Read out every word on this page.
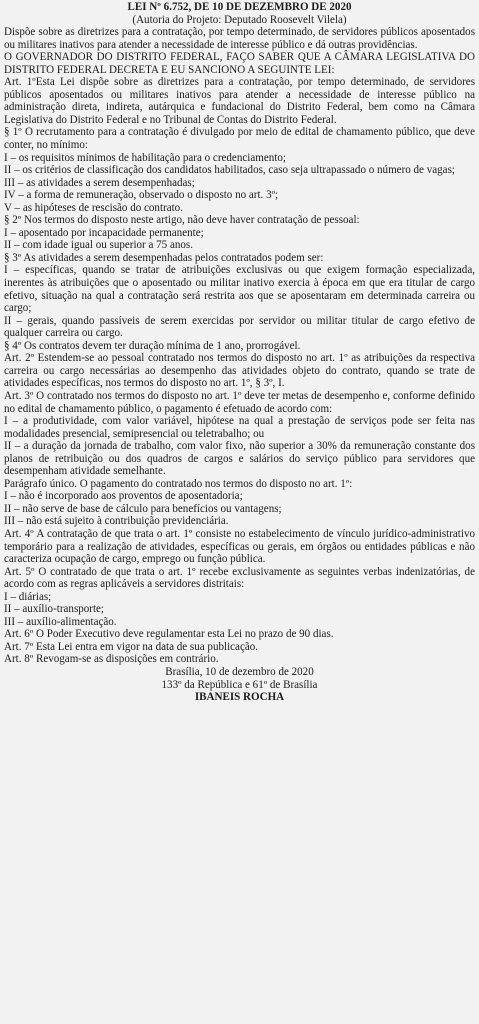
LEI Nº 6.752, DE 10 DE DEZEMBRO DE 2020
(Autoria do Projeto: Deputado Roosevelt Vilela)
Dispõe sobre as diretrizes para a contratação, por tempo determinado, de servidores públicos aposentados ou militares inativos para atender a necessidade de interesse público e dá outras providências.
O GOVERNADOR DO DISTRITO FEDERAL, FAÇO SABER QUE A CÂMARA LEGISLATIVA DO DISTRITO FEDERAL DECRETA E EU SANCIONO A SEGUINTE LEI:
Art. 1ºEsta Lei dispõe sobre as diretrizes para a contratação, por tempo determinado, de servidores públicos aposentados ou militares inativos para atender a necessidade de interesse público na administração direta, indireta, autárquica e fundacional do Distrito Federal, bem como na Câmara Legislativa do Distrito Federal e no Tribunal de Contas do Distrito Federal.
§ 1º O recrutamento para a contratação é divulgado por meio de edital de chamamento público, que deve conter, no mínimo:
I – os requisitos mínimos de habilitação para o credenciamento;
II – os critérios de classificação dos candidatos habilitados, caso seja ultrapassado o número de vagas;
III – as atividades a serem desempenhadas;
IV – a forma de remuneração, observado o disposto no art. 3º;
V – as hipóteses de rescisão do contrato.
§ 2º Nos termos do disposto neste artigo, não deve haver contratação de pessoal:
I – aposentado por incapacidade permanente;
II – com idade igual ou superior a 75 anos.
§ 3º As atividades a serem desempenhadas pelos contratados podem ser:
I – específicas, quando se tratar de atribuições exclusivas ou que exigem formação especializada, inerentes às atribuições que o aposentado ou militar inativo exercia à época em que era titular de cargo efetivo, situação na qual a contratação será restrita aos que se aposentaram em determinada carreira ou cargo;
II – gerais, quando passíveis de serem exercidas por servidor ou militar titular de cargo efetivo de qualquer carreira ou cargo.
§ 4º Os contratos devem ter duração mínima de 1 ano, prorrogável.
Art. 2º Estendem-se ao pessoal contratado nos termos do disposto no art. 1º as atribuições da respectiva carreira ou cargo necessárias ao desempenho das atividades objeto do contrato, quando se trate de atividades específicas, nos termos do disposto no art. 1º, § 3º, I.
Art. 3º O contratado nos termos do disposto no art. 1º deve ter metas de desempenho e, conforme definido no edital de chamamento público, o pagamento é efetuado de acordo com:
I – a produtividade, com valor variável, hipótese na qual a prestação de serviços pode ser feita nas modalidades presencial, semipresencial ou teletrabalho; ou
II – a duração da jornada de trabalho, com valor fixo, não superior a 30% da remuneração constante dos planos de retribuição ou dos quadros de cargos e salários do serviço público para servidores que desempenham atividade semelhante.
Parágrafo único. O pagamento do contratado nos termos do disposto no art. 1º:
I – não é incorporado aos proventos de aposentadoria;
II – não serve de base de cálculo para benefícios ou vantagens;
III – não está sujeito à contribuição previdenciária.
Art. 4º A contratação de que trata o art. 1º consiste no estabelecimento de vínculo jurídico-administrativo temporário para a realização de atividades, específicas ou gerais, em órgãos ou entidades públicas e não caracteriza ocupação de cargo, emprego ou função pública.
Art. 5º O contratado de que trata o art. 1º recebe exclusivamente as seguintes verbas indenizatórias, de acordo com as regras aplicáveis a servidores distritais:
I – diárias;
II – auxílio-transporte;
III – auxílio-alimentação.
Art. 6º O Poder Executivo deve regulamentar esta Lei no prazo de 90 dias.
Art. 7º Esta Lei entra em vigor na data de sua publicação.
Art. 8º Revogam-se as disposições em contrário.
Brasília, 10 de dezembro de 2020
133º da República e 61º de Brasília
IBANEIS ROCHA
